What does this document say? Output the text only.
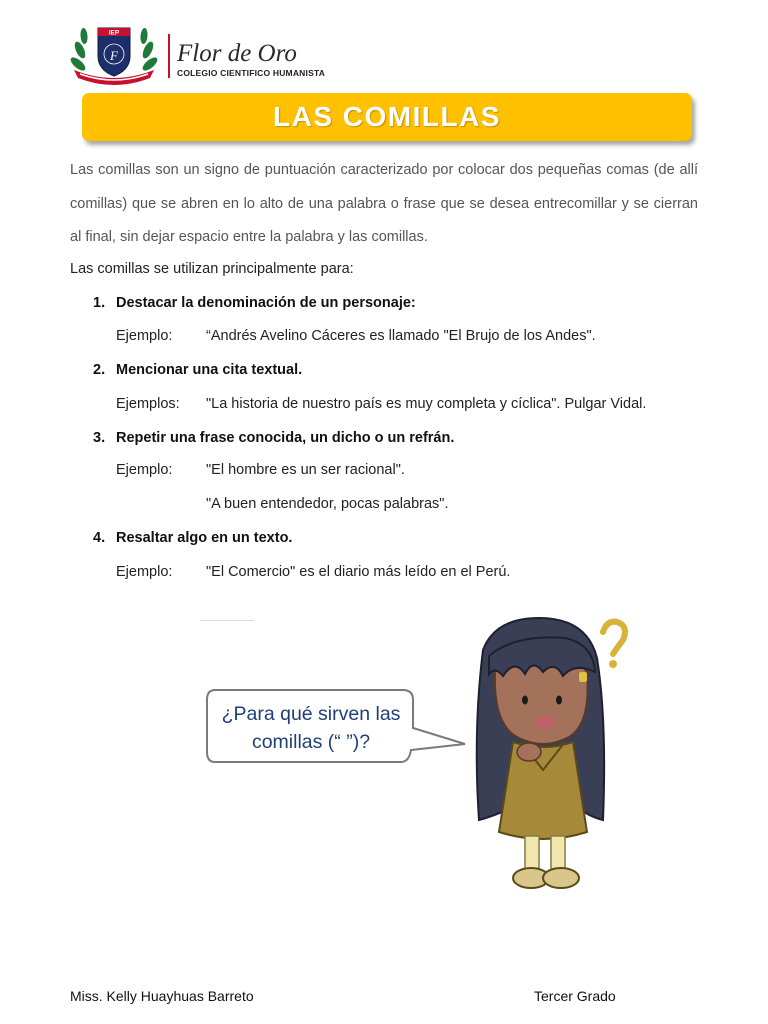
IEP
F Flor de Oro
COLEGIO CIENTIFICO HUMANISTA
LAS COMILLAS
Las comillas son un signo de puntuación caracterizado por colocar dos pequeñas comas (de allí comillas) que se abren en lo alto de una palabra o frase que se desea entrecomillar y se cierran al final, sin dejar espacio entre la palabra y las comillas.
Las comillas se utilizan principalmente para:
1. Destacar la denominación de un personaje:
Ejemplo: “Andrés Avelino Cáceres es llamado "El Brujo de los Andes".
2. Mencionar una cita textual.
Ejemplos: "La historia de nuestro país es muy completa y cíclica". Pulgar Vidal.
3. Repetir una frase conocida, un dicho o un refrán.
Ejemplo: "El hombre es un ser racional".
"A buen entendedor, pocas palabras".
4. Resaltar algo en un texto.
Ejemplo: "El Comercio" es el diario más leído en el Perú.
¿Para qué sirven las
comillas (“ ”)?
Miss. Kelly Huayhuas Barreto	Tercer Grado
